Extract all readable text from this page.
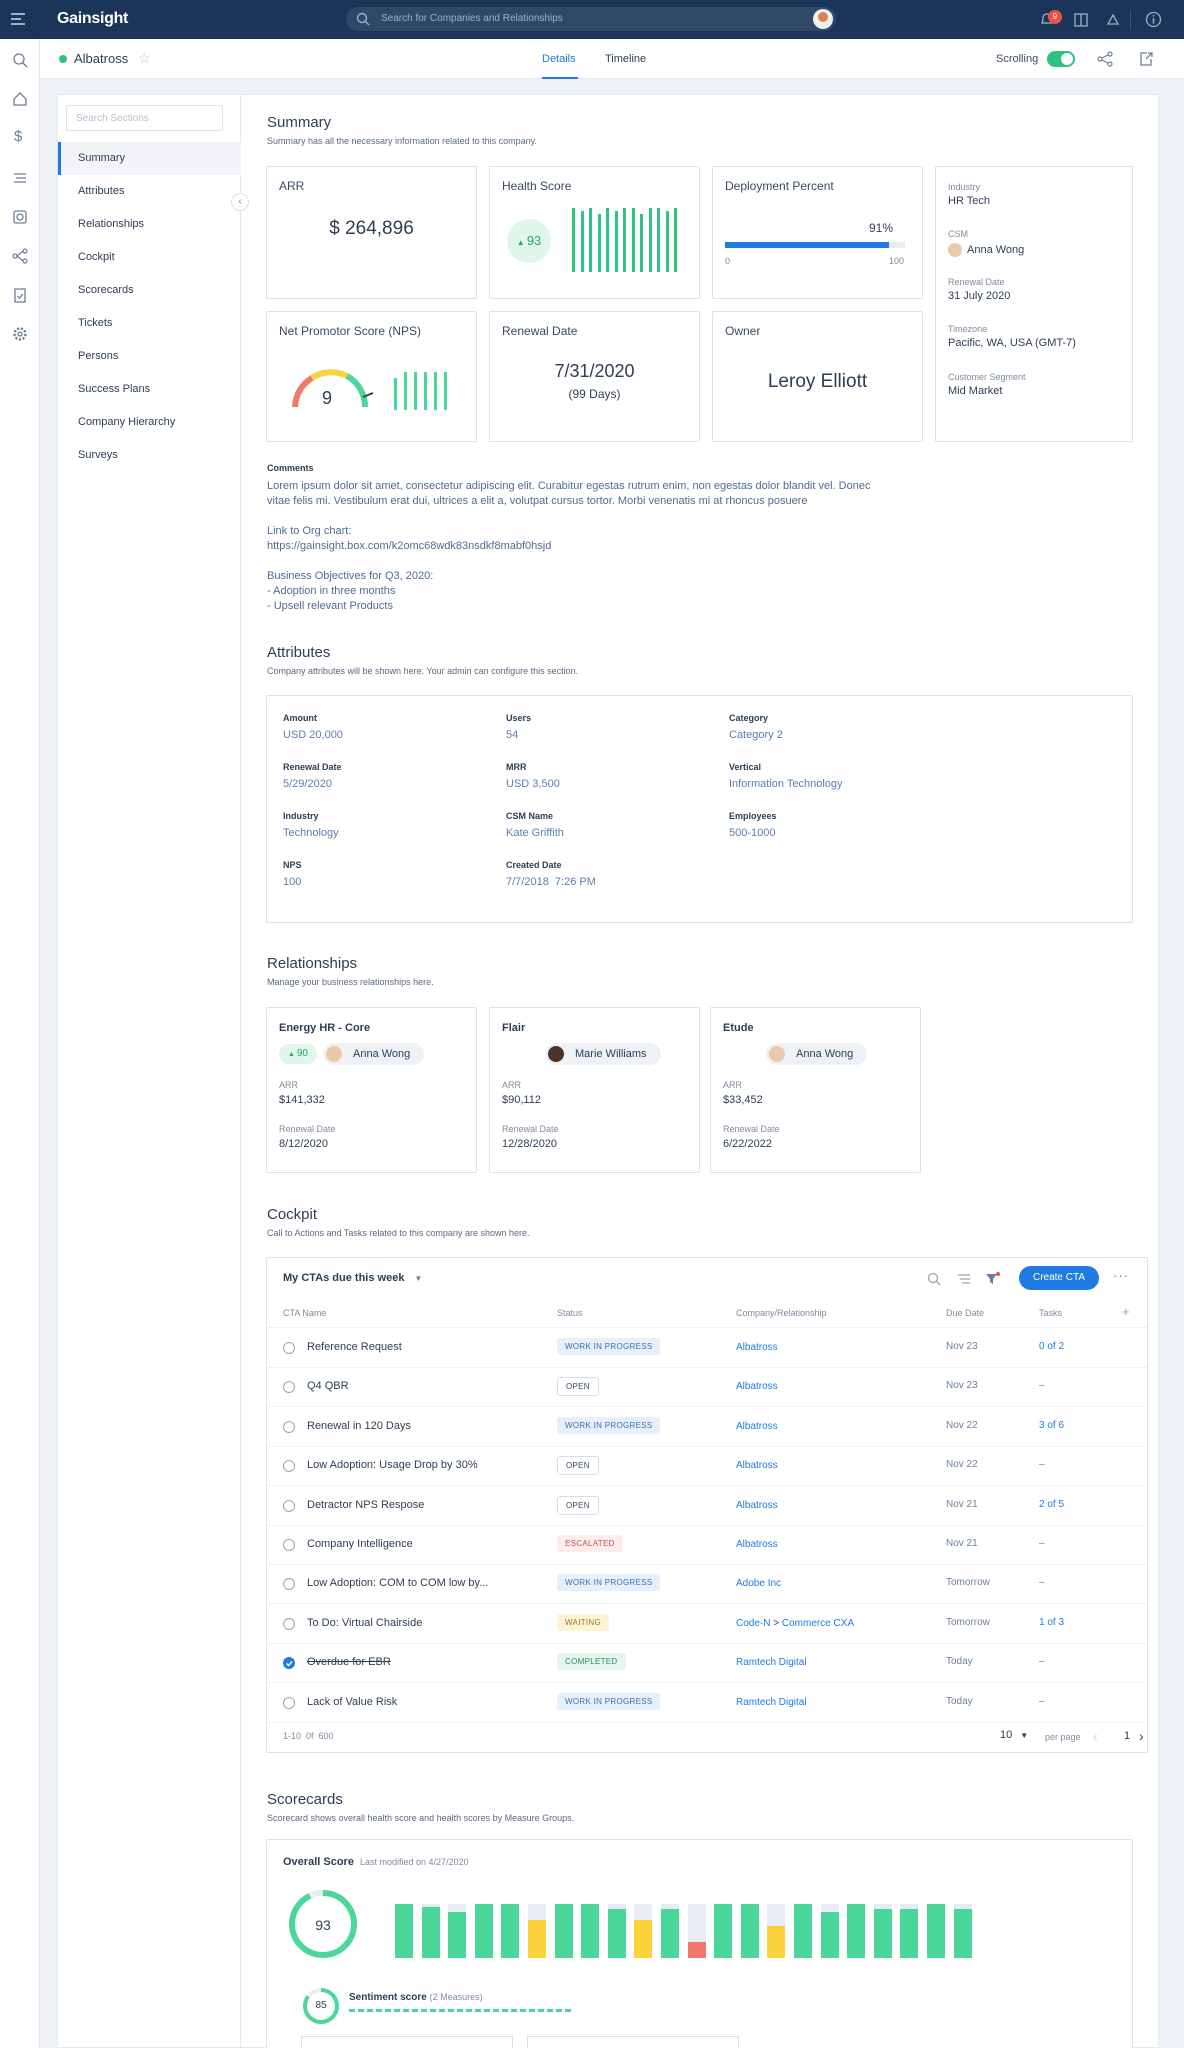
Gainsight	Search for Companies and Relationships	9
$
Albatross ☆	Details	Timeline	Scrolling
Search Sections
Summary
Attributes
Relationships
Cockpit
Scorecards
Tickets
Persons
Success Plans
Company Hierarchy
Surveys
‹
Summary
Summary has all the necessary information related to this company.
ARR
$ 264,896
Health Score
▲ 93
Deployment Percent
91%
0	100
Industry
HR Tech
CSM
Anna Wong
Renewal Date
31 July 2020
Timezone
Pacific, WA, USA (GMT-7)
Customer Segment
Mid Market
Net Promotor Score (NPS)
9
Renewal Date
7/31/2020
(99 Days)
Owner
Leroy Elliott
Comments
Lorem ipsum dolor sit amet, consectetur adipiscing elit. Curabitur egestas rutrum enim, non egestas dolor blandit vel. Donec
vitae felis mi. Vestibulum erat dui, ultrices a elit a, volutpat cursus tortor. Morbi venenatis mi at rhoncus posuere
Link to Org chart:
https://gainsight.box.com/k2omc68wdk83nsdkf8mabf0hsjd
Business Objectives for Q3, 2020:
- Adoption in three months
- Upsell relevant Products
Attributes
Company attributes will be shown here. Your admin can configure this section.
Amount
USD 20,000
Users
54
Category
Category 2
Renewal Date
5/29/2020
MRR
USD 3,500
Vertical
Information Technology
Industry
Technology
CSM Name
Kate Griffith
Employees
500-1000
NPS
100
Created Date
7/7/2018  7:26 PM
Relationships
Manage your business relationships here.
Energy HR - Core
▲ 90	Anna Wong
ARR
$141,332
Renewal Date
8/12/2020
Flair
Marie Williams
ARR
$90,112
Renewal Date
12/28/2020
Etude
Anna Wong
ARR
$33,452
Renewal Date
6/22/2022
Cockpit
Call to Actions and Tasks related to this company are shown here.
My CTAs due this week ▼	Create CTA	···
CTA Name	Status	Company/Relationship	Due Date	Tasks	+
Reference Request	WORK IN PROGRESS	Albatross	Nov 23	0 of 2
Q4 QBR	OPEN	Albatross	Nov 23	–
Renewal in 120 Days	WORK IN PROGRESS	Albatross	Nov 22	3 of 6
Low Adoption: Usage Drop by 30%	OPEN	Albatross	Nov 22	–
Detractor NPS Respose	OPEN	Albatross	Nov 21	2 of 5
Company Intelligence	ESCALATED	Albatross	Nov 21	–
Low Adoption: COM to COM low by...	WORK IN PROGRESS	Adobe Inc	Tomorrow	–
To Do: Virtual Chairside	WAITING	Code-N > Commerce CXA	Tomorrow	1 of 3
Overdue for EBR	COMPLETED	Ramtech Digital	Today	–
Lack of Value Risk	WORK IN PROGRESS	Ramtech Digital	Today	–
1-10  0f  600	10 ▼ per page ‹ 1 ›
Scorecards
Scorecard shows overall health score and health scores by Measure Groups.
Overall Score Last modified on 4/27/2020
93
85
Sentiment score (2 Measures)
